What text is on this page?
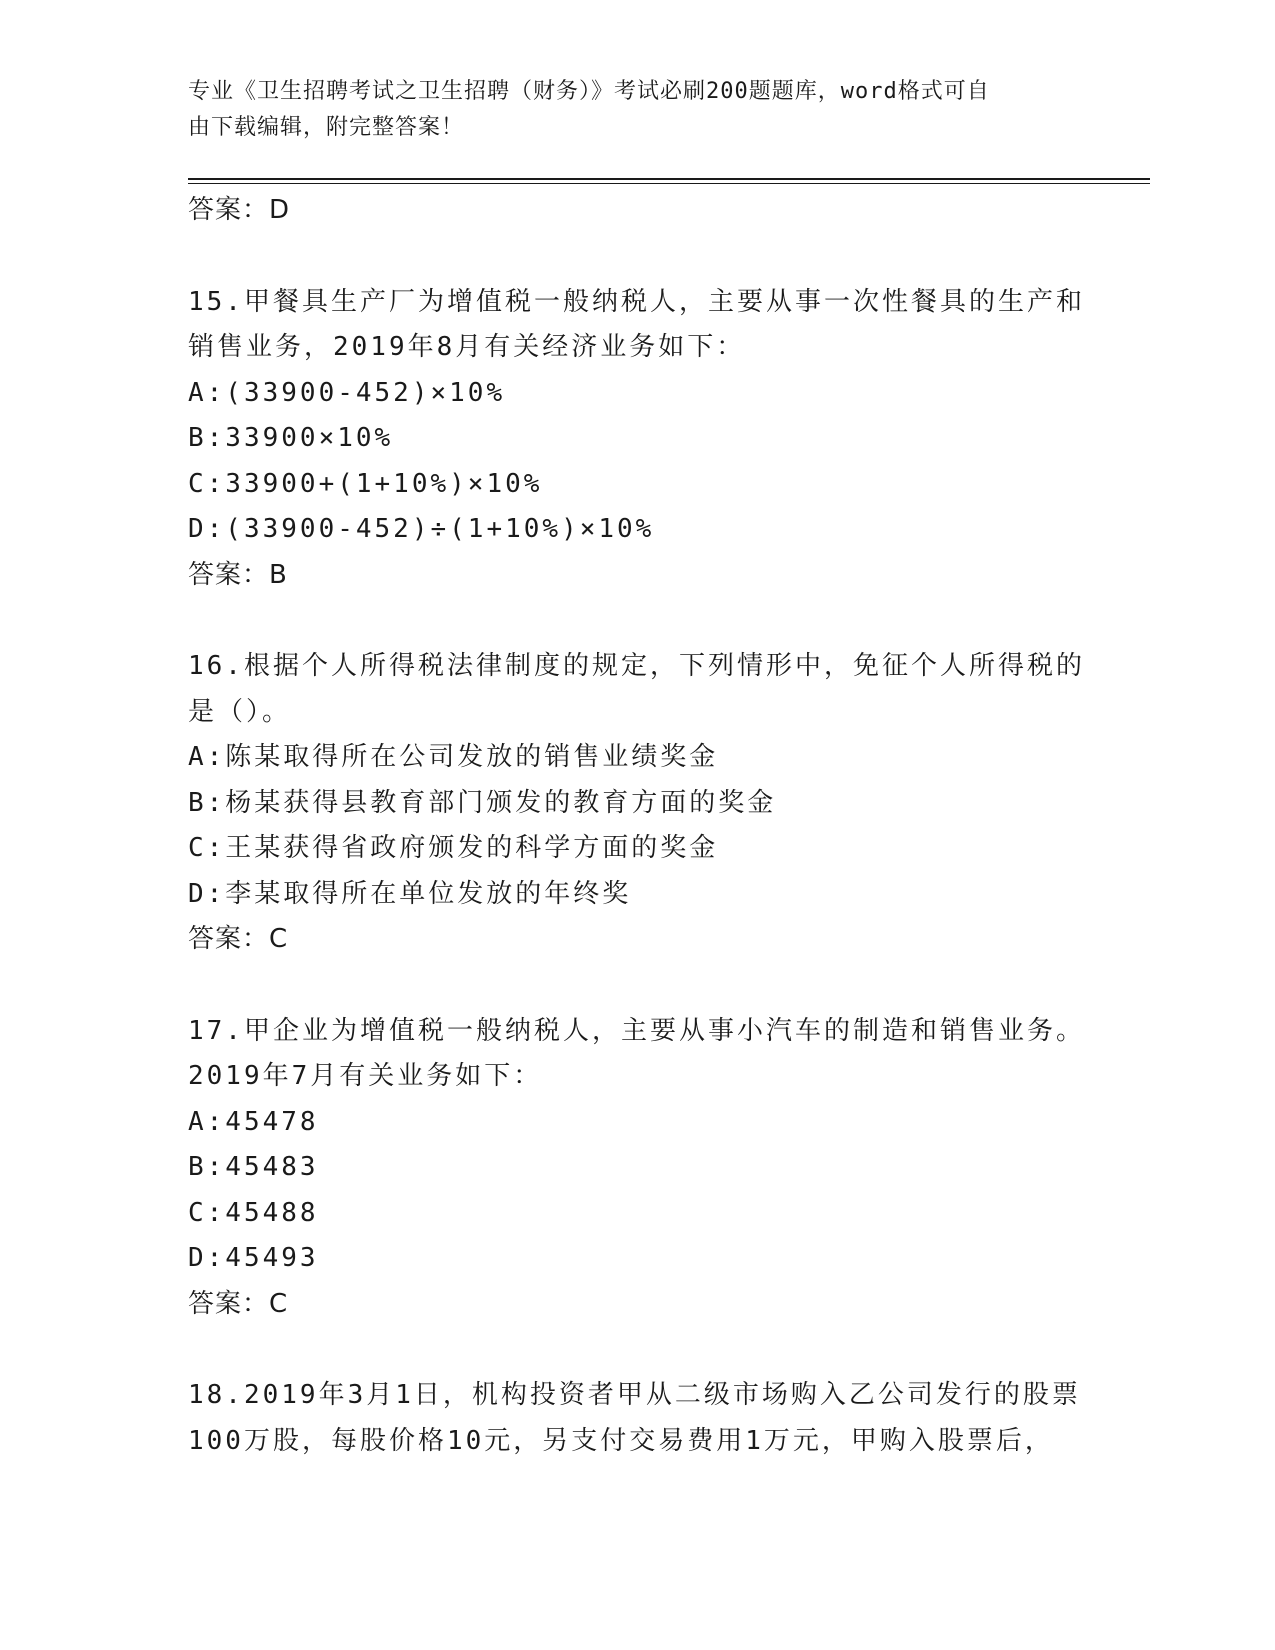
专业《卫生招聘考试之卫生招聘（财务）》考试必刷200题题库，word格式可自
由下载编辑，附完整答案！
答案：D
15.甲餐具生产厂为增值税一般纳税人，主要从事一次性餐具的生产和
销售业务，2019年8月有关经济业务如下：
A:(33900-452)×10%
B:33900×10%
C:33900+(1+10%)×10%
D:(33900-452)÷(1+10%)×10%
答案：B
16.根据个人所得税法律制度的规定，下列情形中，免征个人所得税的
是（）。
A:陈某取得所在公司发放的销售业绩奖金
B:杨某获得县教育部门颁发的教育方面的奖金
C:王某获得省政府颁发的科学方面的奖金
D:李某取得所在单位发放的年终奖
答案：C
17.甲企业为增值税一般纳税人，主要从事小汽车的制造和销售业务。
2019年7月有关业务如下：
A:45478
B:45483
C:45488
D:45493
答案：C
18.2019年3月1日，机构投资者甲从二级市场购入乙公司发行的股票
100万股，每股价格10元，另支付交易费用1万元，甲购入股票后，
